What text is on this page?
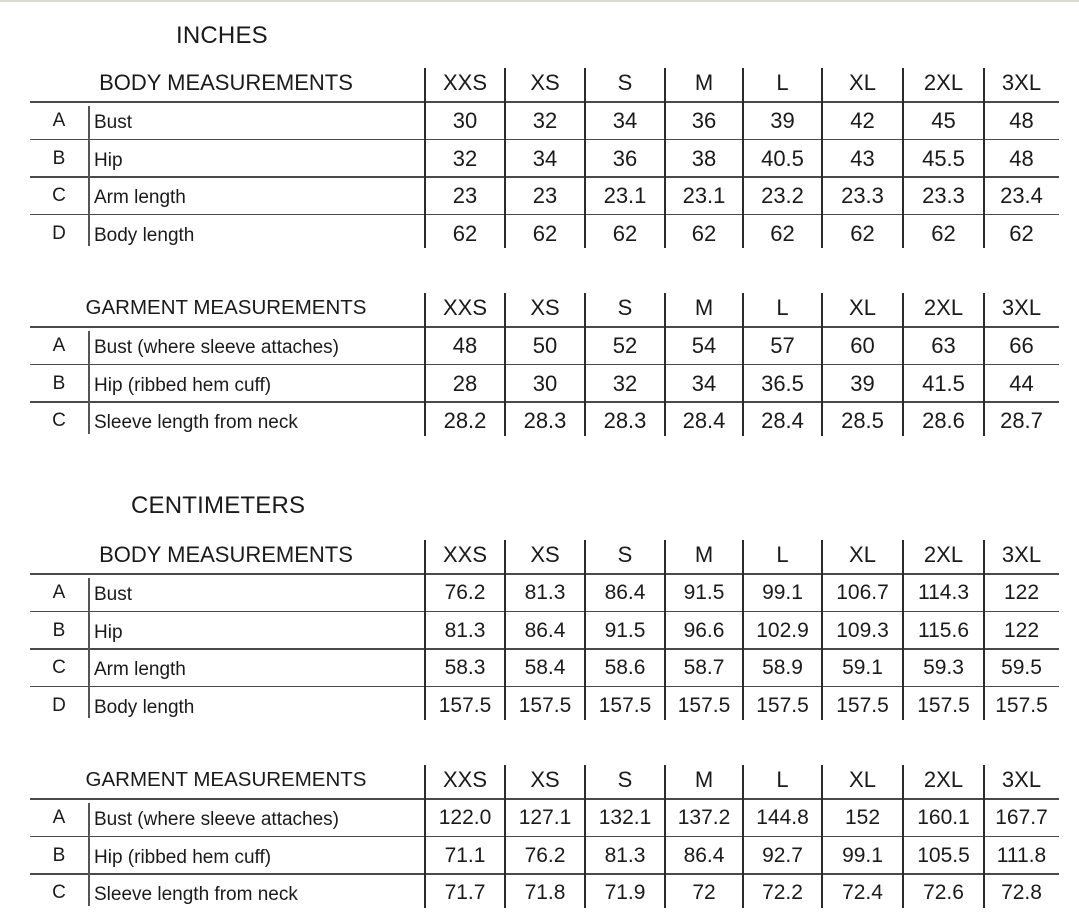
INCHES
BODY MEASUREMENTS	XXS	XS	S	M	L	XL	2XL	3XL
A	Bust	30	32	34	36	39	42	45	48
B	Hip	32	34	36	38	40.5	43	45.5	48
C	Arm length	23	23	23.1	23.1	23.2	23.3	23.3	23.4
D	Body length	62	62	62	62	62	62	62	62
GARMENT MEASUREMENTS	XXS	XS	S	M	L	XL	2XL	3XL
A	Bust (where sleeve attaches)	48	50	52	54	57	60	63	66
B	Hip (ribbed hem cuff)	28	30	32	34	36.5	39	41.5	44
C	Sleeve length from neck	28.2	28.3	28.3	28.4	28.4	28.5	28.6	28.7
CENTIMETERS
BODY MEASUREMENTS	XXS	XS	S	M	L	XL	2XL	3XL
A	Bust	76.2	81.3	86.4	91.5	99.1	106.7	114.3	122
B	Hip	81.3	86.4	91.5	96.6	102.9	109.3	115.6	122
C	Arm length	58.3	58.4	58.6	58.7	58.9	59.1	59.3	59.5
D	Body length	157.5	157.5	157.5	157.5	157.5	157.5	157.5	157.5
GARMENT MEASUREMENTS	XXS	XS	S	M	L	XL	2XL	3XL
A	Bust (where sleeve attaches)	122.0	127.1	132.1	137.2	144.8	152	160.1	167.7
B	Hip (ribbed hem cuff)	71.1	76.2	81.3	86.4	92.7	99.1	105.5	111.8
C	Sleeve length from neck	71.7	71.8	71.9	72	72.2	72.4	72.6	72.8
